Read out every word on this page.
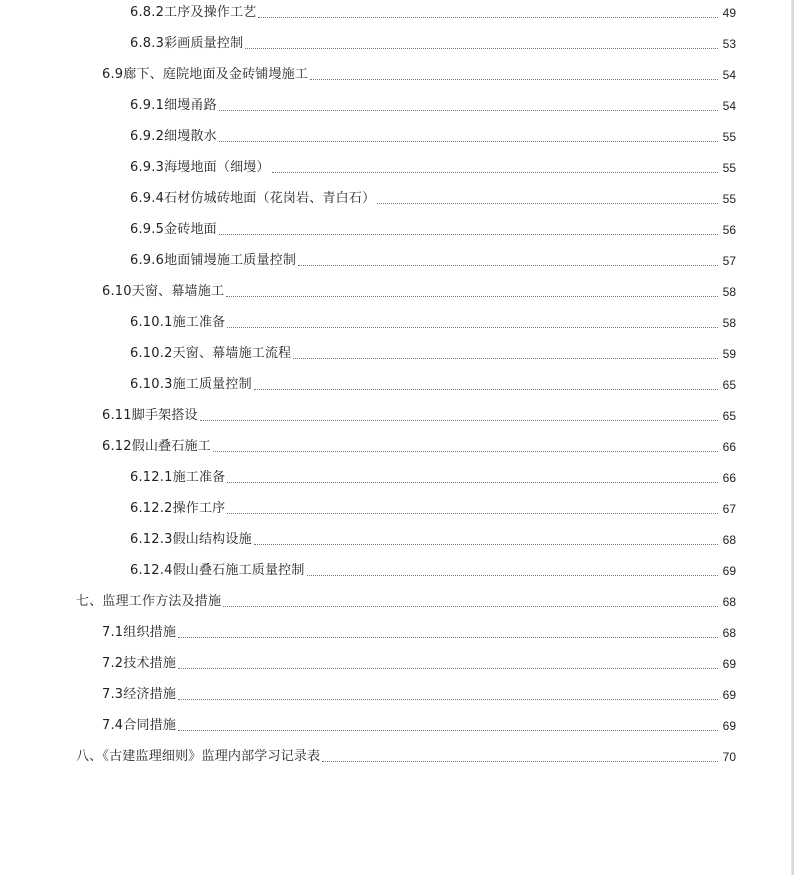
6.8.2工序及操作工艺	49
6.8.3彩画质量控制	53
6.9廊下、庭院地面及金砖铺墁施工	54
6.9.1细墁甬路	54
6.9.2细墁散水	55
6.9.3海墁地面（细墁）	55
6.9.4石材仿城砖地面（花岗岩、青白石）	55
6.9.5金砖地面	56
6.9.6地面铺墁施工质量控制	57
6.10天窗、幕墙施工	58
6.10.1施工准备	58
6.10.2天窗、幕墙施工流程	59
6.10.3施工质量控制	65
6.11脚手架搭设	65
6.12假山叠石施工	66
6.12.1施工准备	66
6.12.2操作工序	67
6.12.3假山结构设施	68
6.12.4假山叠石施工质量控制	69
七、监理工作方法及措施	68
7.1组织措施	68
7.2技术措施	69
7.3经济措施	69
7.4合同措施	69
八、《古建监理细则》监理内部学习记录表	70
